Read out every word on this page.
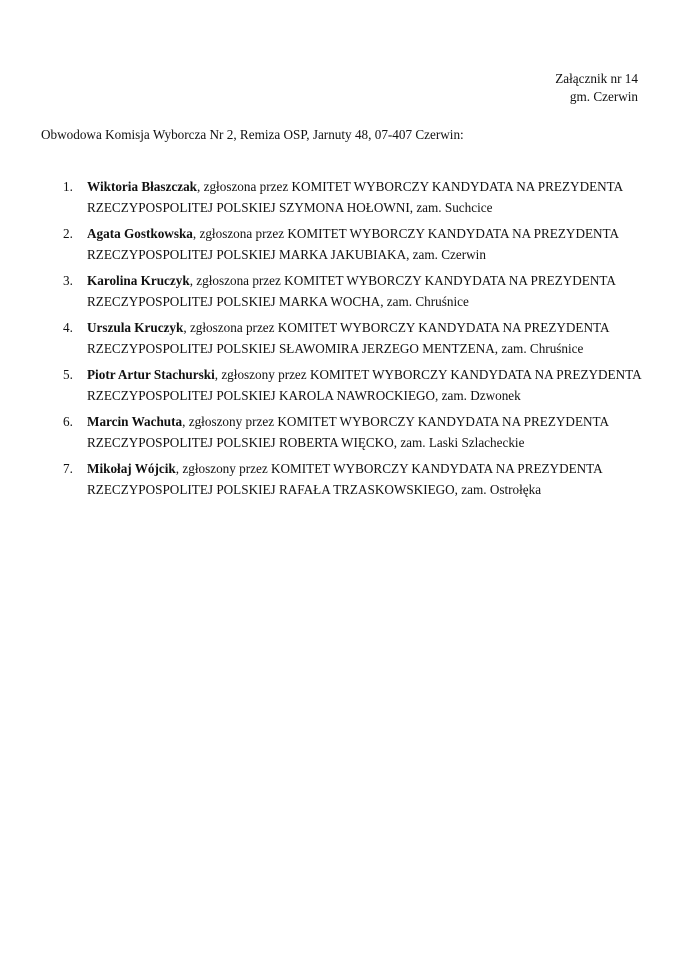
Załącznik nr 14
gm. Czerwin
Obwodowa Komisja Wyborcza Nr 2, Remiza OSP, Jarnuty 48, 07-407 Czerwin:
1. Wiktoria Błaszczak, zgłoszona przez KOMITET WYBORCZY KANDYDATA NA PREZYDENTA RZECZYPOSPOLITEJ POLSKIEJ SZYMONA HOŁOWNI, zam. Suchcice
2. Agata Gostkowska, zgłoszona przez KOMITET WYBORCZY KANDYDATA NA PREZYDENTA RZECZYPOSPOLITEJ POLSKIEJ MARKA JAKUBIAKA, zam. Czerwin
3. Karolina Kruczyk, zgłoszona przez KOMITET WYBORCZY KANDYDATA NA PREZYDENTA RZECZYPOSPOLITEJ POLSKIEJ MARKA WOCHA, zam. Chruśnice
4. Urszula Kruczyk, zgłoszona przez KOMITET WYBORCZY KANDYDATA NA PREZYDENTA RZECZYPOSPOLITEJ POLSKIEJ SŁAWOMIRA JERZEGO MENTZENA, zam. Chruśnice
5. Piotr Artur Stachurski, zgłoszony przez KOMITET WYBORCZY KANDYDATA NA PREZYDENTA RZECZYPOSPOLITEJ POLSKIEJ KAROLA NAWROCKIEGO, zam. Dzwonek
6. Marcin Wachuta, zgłoszony przez KOMITET WYBORCZY KANDYDATA NA PREZYDENTA RZECZYPOSPOLITEJ POLSKIEJ ROBERTA WIĘCKO, zam. Laski Szlacheckie
7. Mikołaj Wójcik, zgłoszony przez KOMITET WYBORCZY KANDYDATA NA PREZYDENTA RZECZYPOSPOLITEJ POLSKIEJ RAFAŁA TRZASKOWSKIEGO, zam. Ostrołęka
